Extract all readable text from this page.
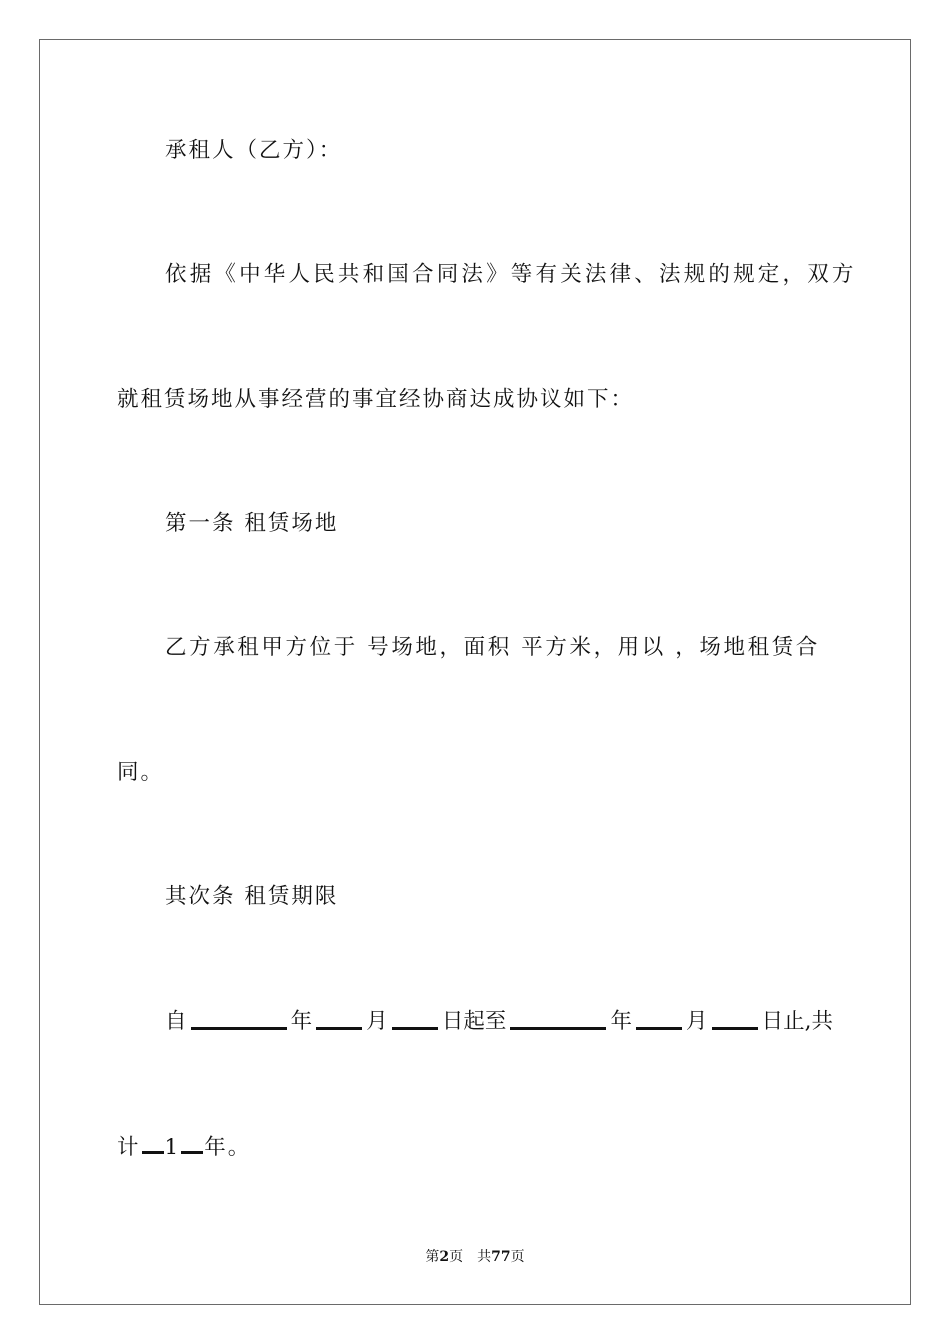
承租人（乙方）：
依据《中华人民共和国合同法》等有关法律、法规的规定，双方
就租赁场地从事经营的事宜经协商达成协议如下：
第一条 租赁场地
乙方承租甲方位于 号场地，面积 平方米，用以 ，场地租赁合
同。
其次条 租赁期限
自	年	月	日起至	年	月	日止,共
计 1 年。
第2页 共77页
